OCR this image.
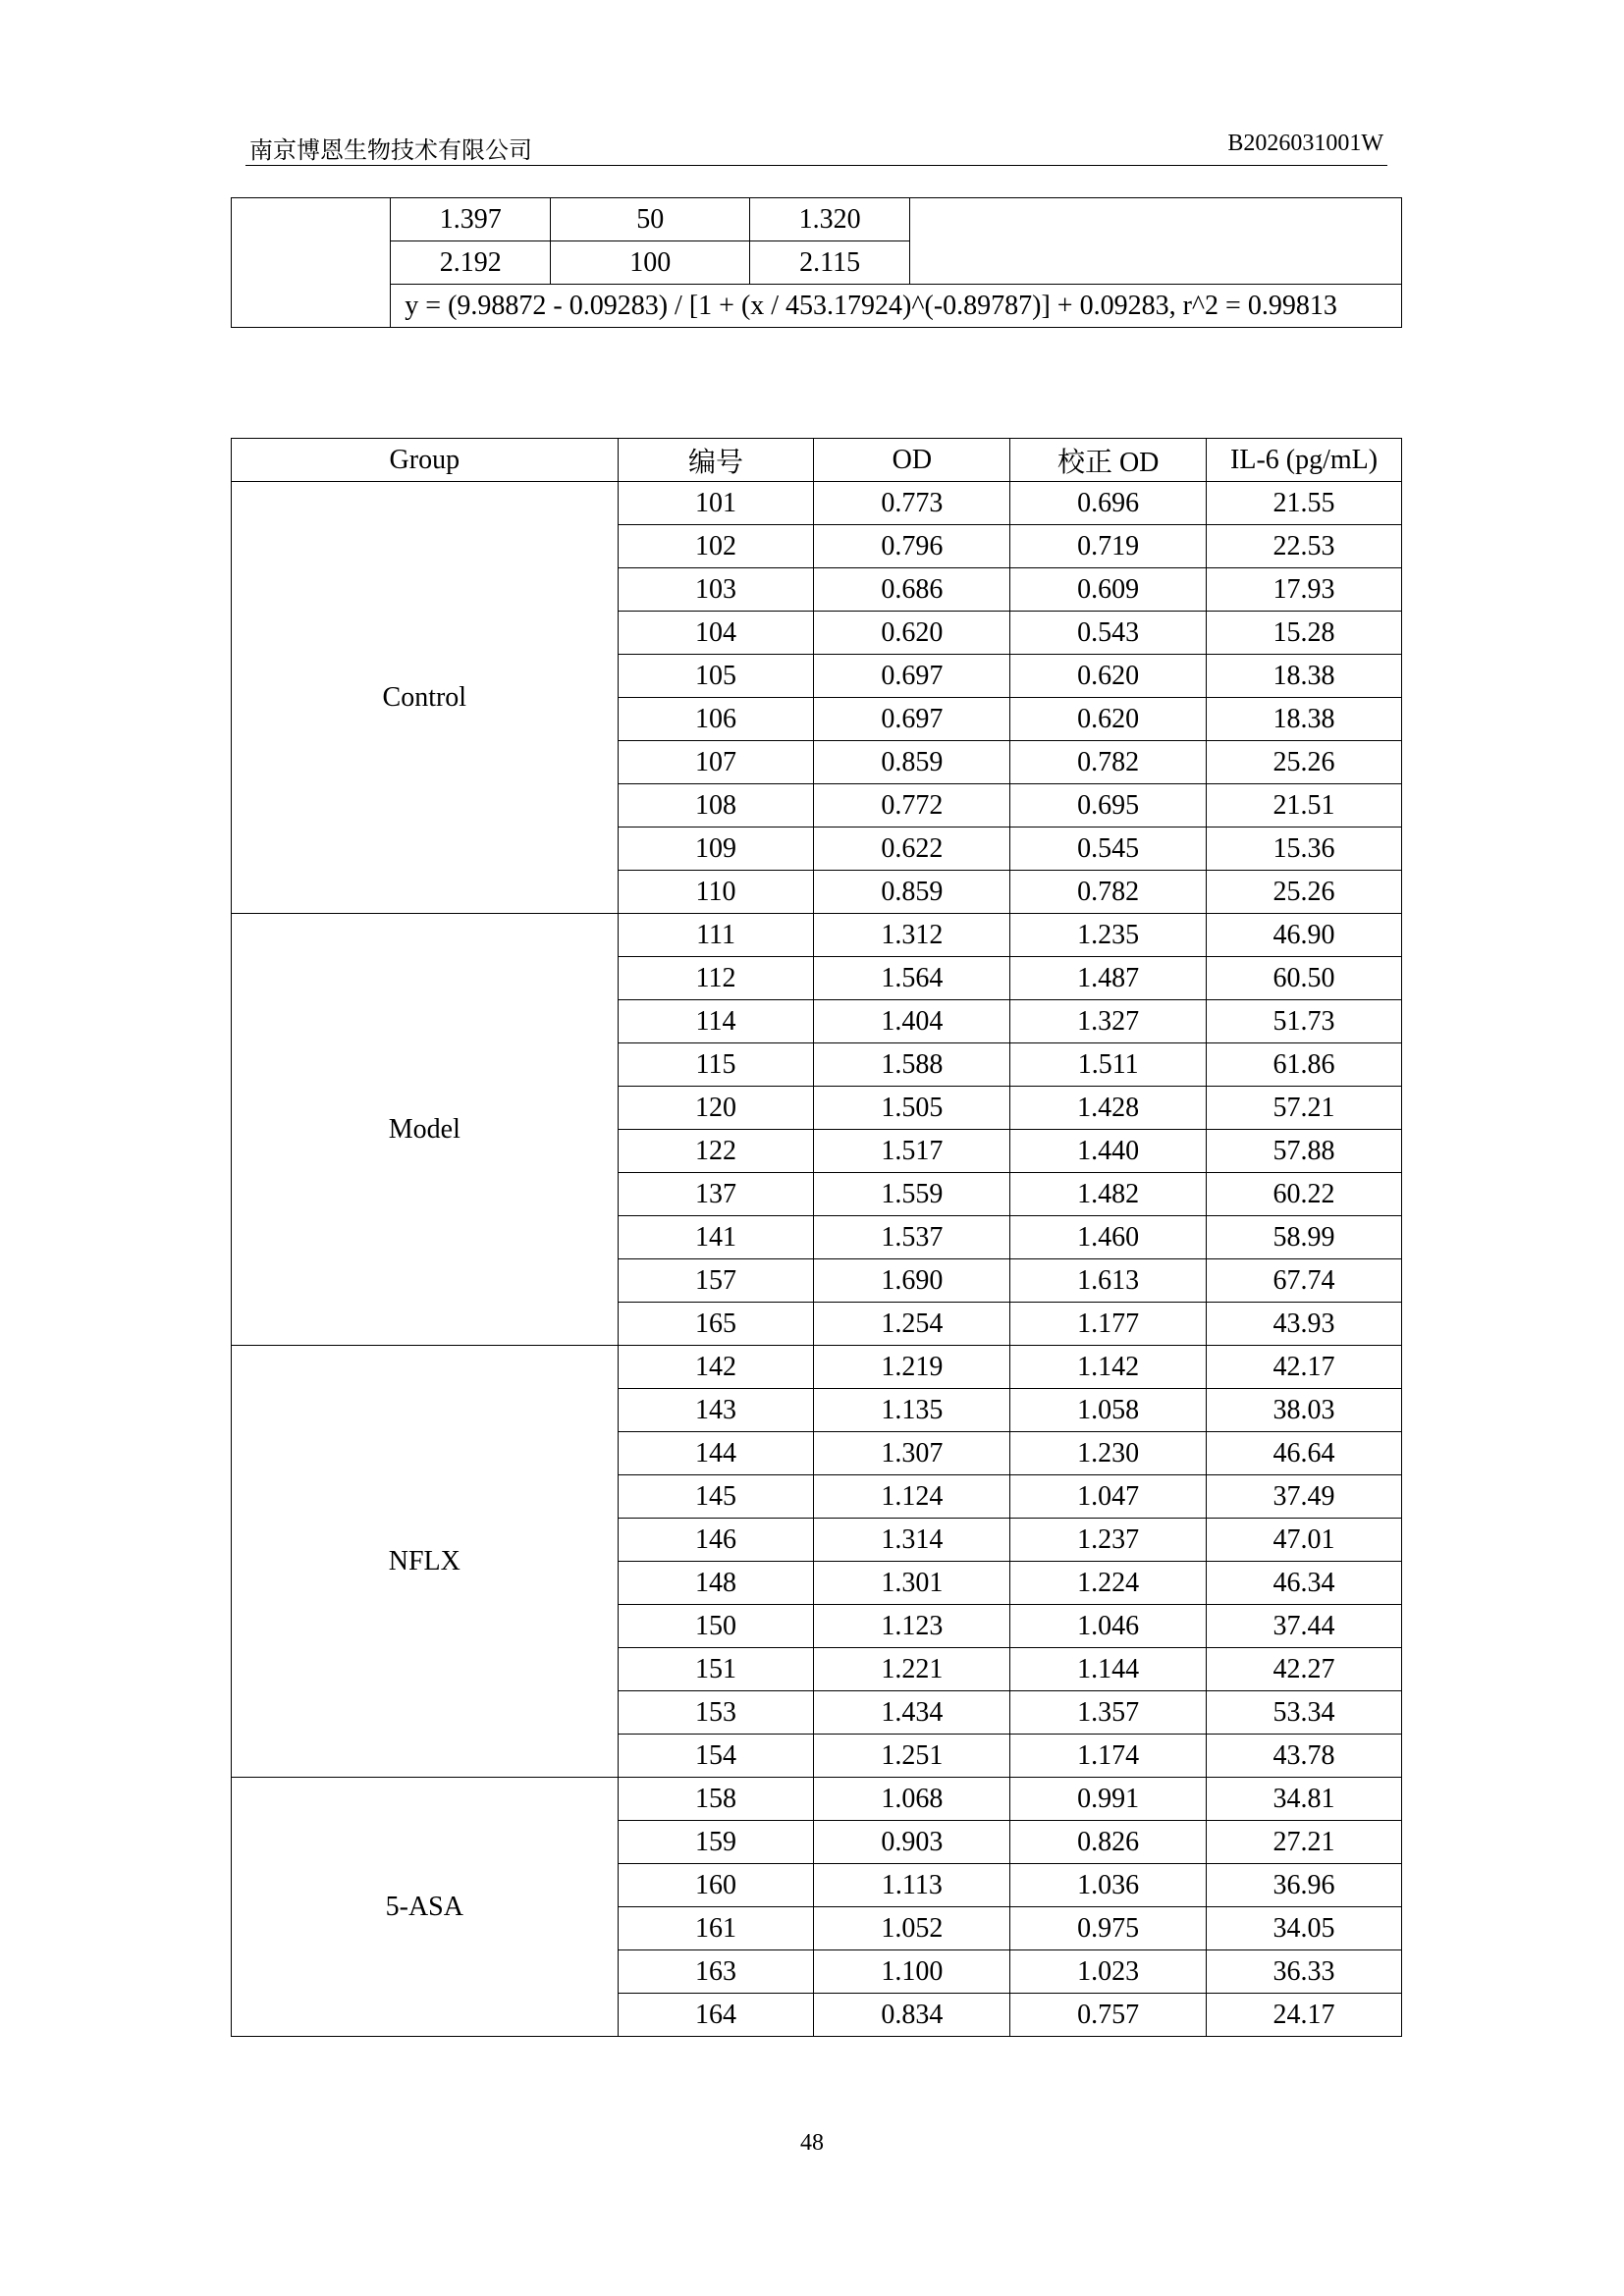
南京博恩生物技术有限公司	B2026031001W
	1.397	50	1.320	
	2.192	100	2.115	
	y = (9.98872 - 0.09283) / [1 + (x / 453.17924)^(-0.89787)] + 0.09283, r^2 = 0.99813			
Group	编号	OD	校正 OD	IL-6 (pg/mL)
Control	101	0.773	0.696	21.55
	102	0.796	0.719	22.53
	103	0.686	0.609	17.93
	104	0.620	0.543	15.28
	105	0.697	0.620	18.38
	106	0.697	0.620	18.38
	107	0.859	0.782	25.26
	108	0.772	0.695	21.51
	109	0.622	0.545	15.36
	110	0.859	0.782	25.26
Model	111	1.312	1.235	46.90
	112	1.564	1.487	60.50
	114	1.404	1.327	51.73
	115	1.588	1.511	61.86
	120	1.505	1.428	57.21
	122	1.517	1.440	57.88
	137	1.559	1.482	60.22
	141	1.537	1.460	58.99
	157	1.690	1.613	67.74
	165	1.254	1.177	43.93
NFLX	142	1.219	1.142	42.17
	143	1.135	1.058	38.03
	144	1.307	1.230	46.64
	145	1.124	1.047	37.49
	146	1.314	1.237	47.01
	148	1.301	1.224	46.34
	150	1.123	1.046	37.44
	151	1.221	1.144	42.27
	153	1.434	1.357	53.34
	154	1.251	1.174	43.78
5-ASA	158	1.068	0.991	34.81
	159	0.903	0.826	27.21
	160	1.113	1.036	36.96
	161	1.052	0.975	34.05
	163	1.100	1.023	36.33
	164	0.834	0.757	24.17
48
